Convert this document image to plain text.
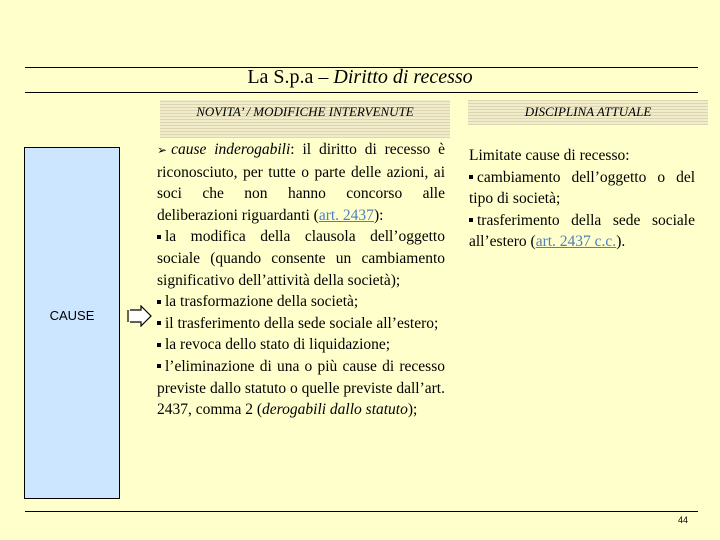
La S.p.a – Diritto di recesso
NOVITA’ / MODIFICHE INTERVENUTE	DISCIPLINA ATTUALE
CAUSE

➢ cause inderogabili: il diritto di recesso è riconosciuto, per tutte o parte delle azioni, ai soci che non hanno concorso alle deliberazioni riguardanti (art. 2437):

la modifica della clausola dell’oggetto sociale (quando consente un cambiamento significativo dell’attività della società);

la trasformazione della società;

il trasferimento della sede sociale all’estero;

la revoca dello stato di liquidazione;

l’eliminazione di una o più cause di recesso previste dallo statuto o quelle previste dall’art. 2437, comma 2 (derogabili dallo statuto);

Limitate cause di recesso:

cambiamento dell’oggetto o del tipo di società;

trasferimento della sede sociale all’estero (art. 2437 c.c.).

44
